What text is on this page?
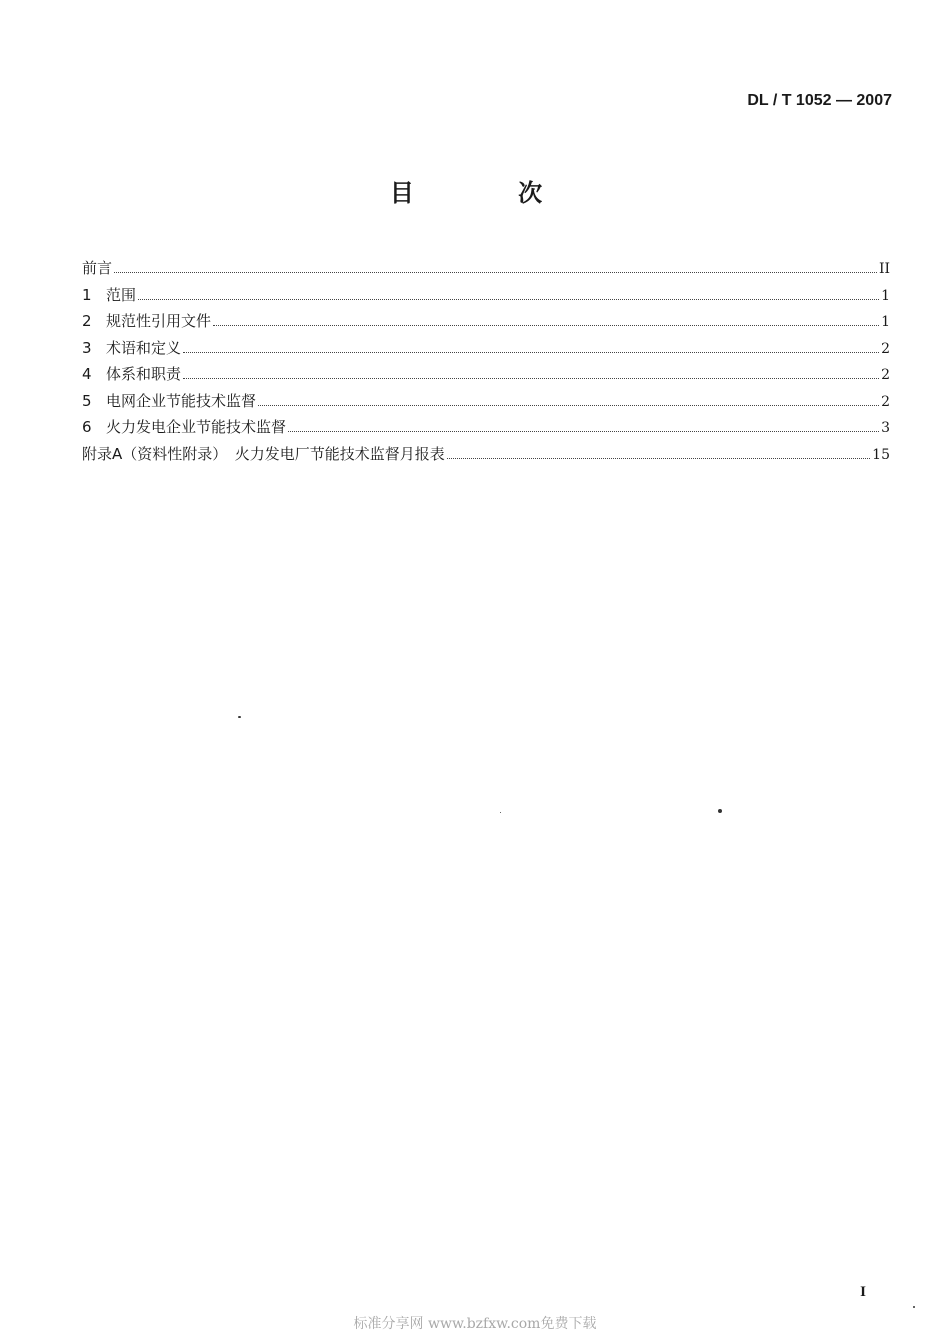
DL / T 1052 — 2007
目 次
前言	II
1 范围	1
2 规范性引用文件	1
3 术语和定义	2
4 体系和职责	2
5 电网企业节能技术监督	2
6 火力发电企业节能技术监督	3
附录A（资料性附录）　火力发电厂节能技术监督月报表	15
I
标准分享网 www.bzfxw.com免费下载
